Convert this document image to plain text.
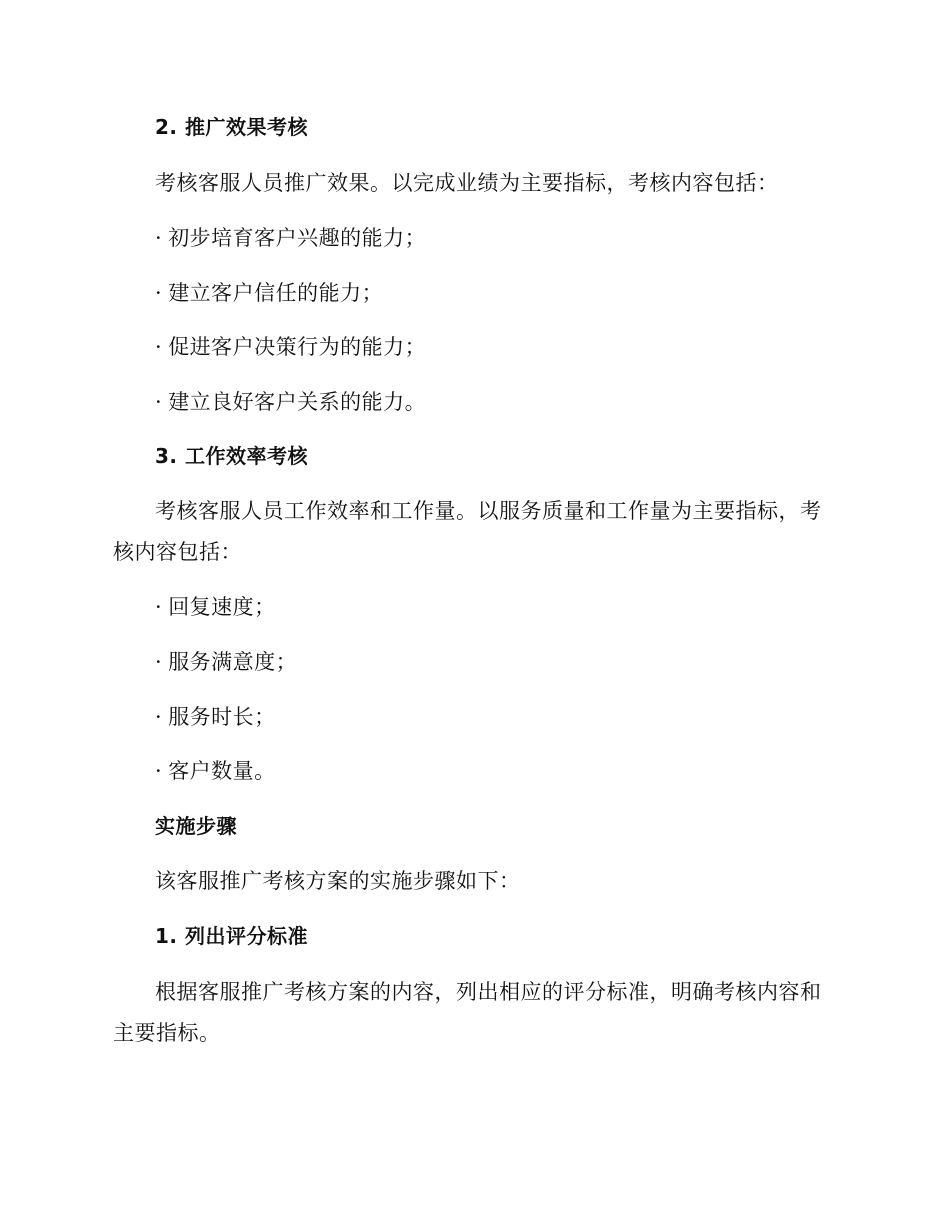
2. 推广效果考核
考核客服人员推广效果。以完成业绩为主要指标，考核内容包括：
· 初步培育客户兴趣的能力；
· 建立客户信任的能力；
· 促进客户决策行为的能力；
· 建立良好客户关系的能力。
3. 工作效率考核
考核客服人员工作效率和工作量。以服务质量和工作量为主要指标，考
核内容包括：
· 回复速度；
· 服务满意度；
· 服务时长；
· 客户数量。
实施步骤
该客服推广考核方案的实施步骤如下：
1. 列出评分标准
根据客服推广考核方案的内容，列出相应的评分标准，明确考核内容和
主要指标。
